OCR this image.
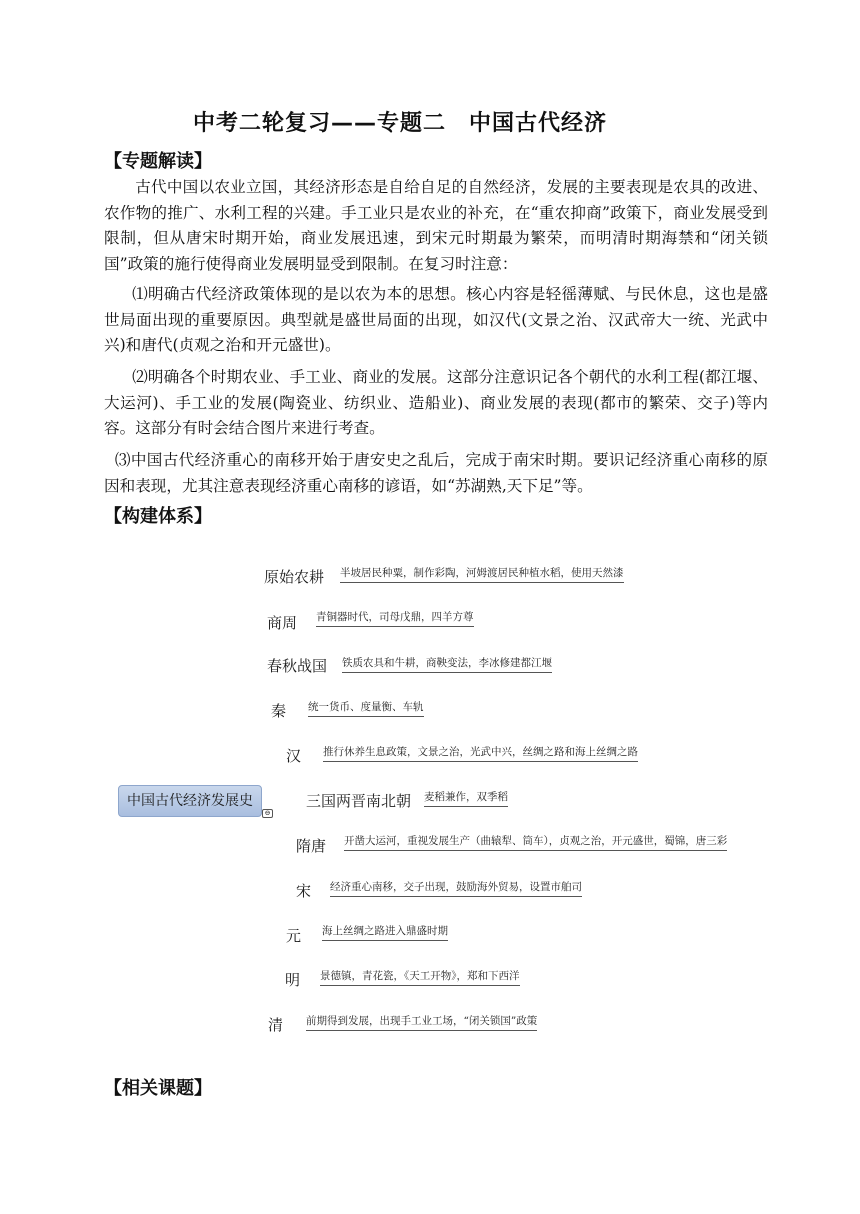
中考二轮复习——专题二　中国古代经济
【专题解读】

古代中国以农业立国，其经济形态是自给自足的自然经济，发展的主要表现是农具的改进、农作物的推广、水利工程的兴建。手工业只是农业的补充，在“重农抑商”政策下，商业发展受到限制，但从唐宋时期开始，商业发展迅速，到宋元时期最为繁荣，而明清时期海禁和“闭关锁国”政策的施行使得商业发展明显受到限制。在复习时注意：

⑴明确古代经济政策体现的是以农为本的思想。核心内容是轻徭薄赋、与民休息，这也是盛世局面出现的重要原因。典型就是盛世局面的出现，如汉代(文景之治、汉武帝大一统、光武中兴)和唐代(贞观之治和开元盛世)。

⑵明确各个时期农业、手工业、商业的发展。这部分注意识记各个朝代的水利工程(都江堰、大运河)、手工业的发展(陶瓷业、纺织业、造船业)、商业发展的表现(都市的繁荣、交子)等内容。这部分有时会结合图片来进行考查。

⑶中国古代经济重心的南移开始于唐安史之乱后，完成于南宋时期。要识记经济重心南移的原因和表现，尤其注意表现经济重心南移的谚语，如“苏湖熟,天下足”等。

【构建体系】
中国古代经济发展史
⊖
原始农耕 半坡居民种粟，制作彩陶，河姆渡居民种植水稻，使用天然漆
商周 青铜器时代，司母戊鼎，四羊方尊
春秋战国 铁质农具和牛耕，商鞅变法，李冰修建都江堰
秦 统一货币、度量衡、车轨
汉 推行休养生息政策，文景之治，光武中兴，丝绸之路和海上丝绸之路
三国两晋南北朝 麦稻兼作，双季稻
隋唐 开凿大运河，重视发展生产（曲辕犁、筒车），贞观之治，开元盛世，蜀锦，唐三彩
宋 经济重心南移，交子出现，鼓励海外贸易，设置市舶司
元 海上丝绸之路进入鼎盛时期
明 景德镇，青花瓷，《天工开物》，郑和下西洋
清 前期得到发展，出现手工业工场，“闭关锁国”政策
【相关课题】
